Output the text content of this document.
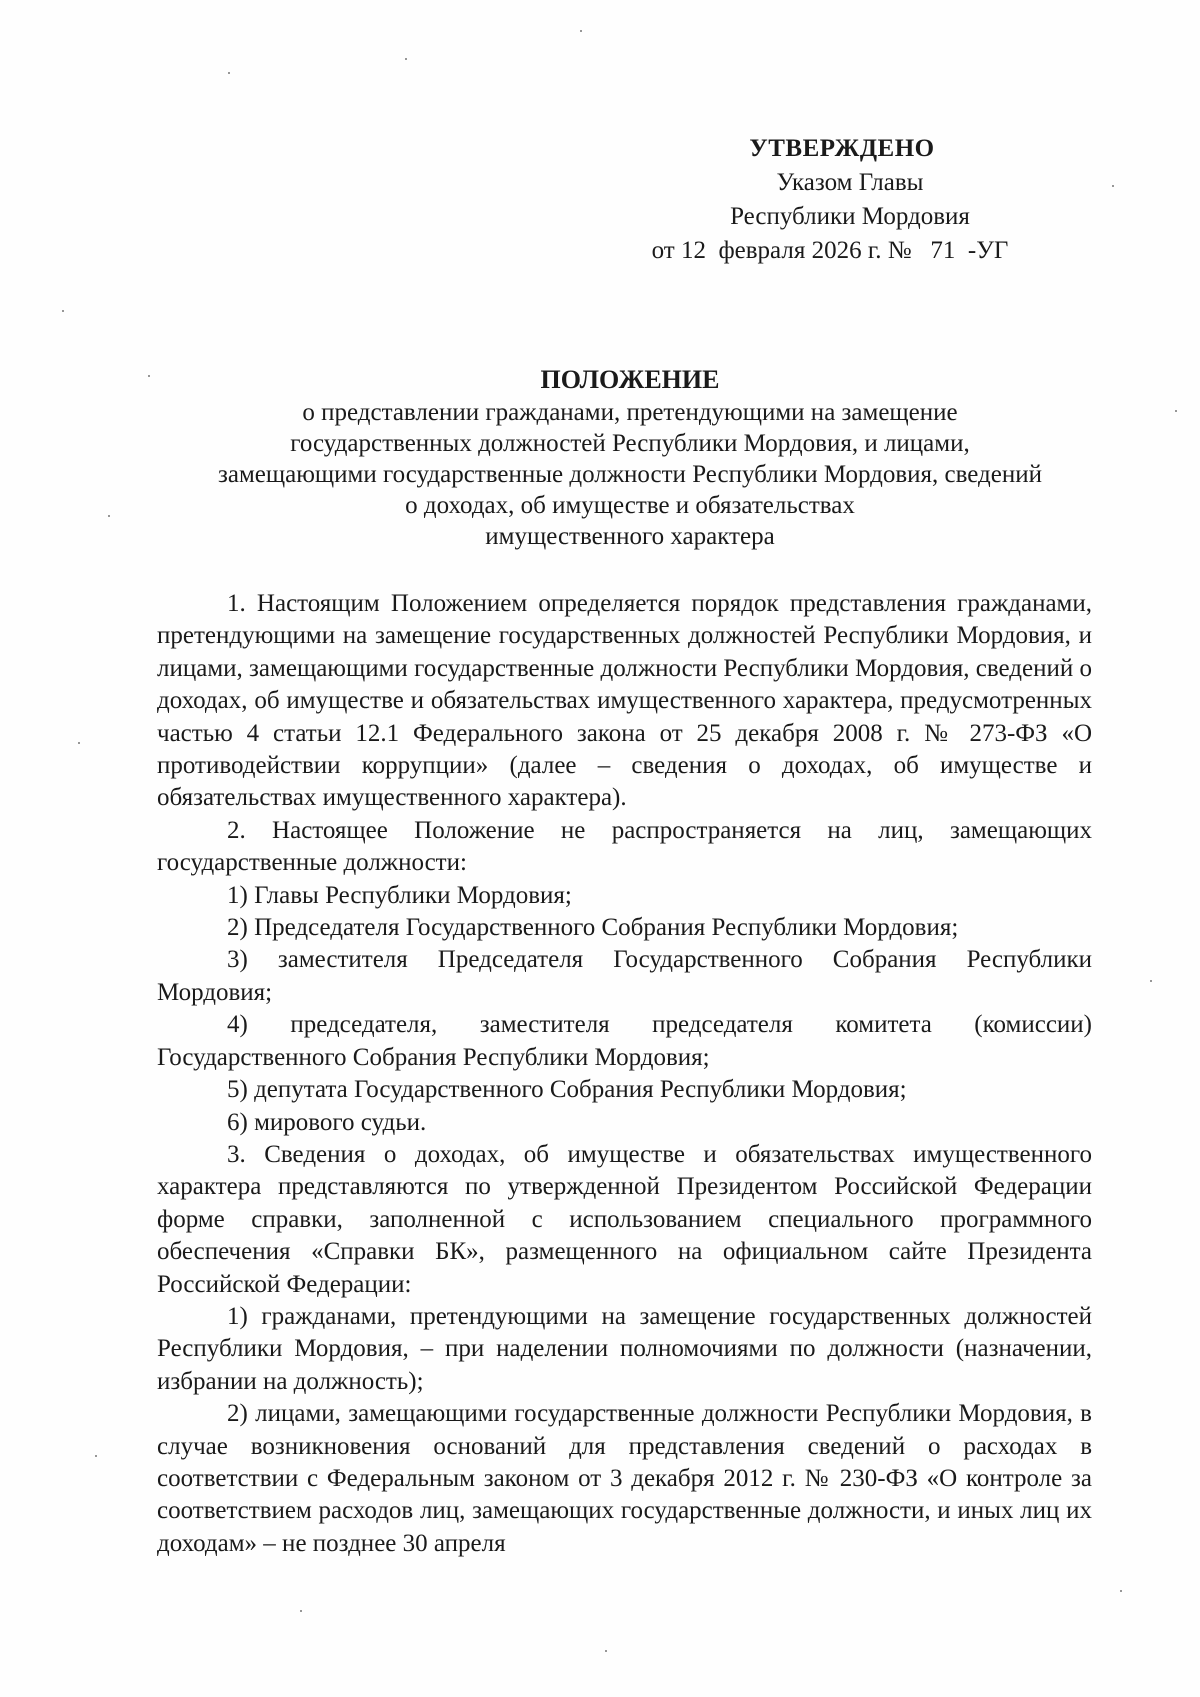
УТВЕРЖДЕНО
Указом Главы
Республики Мордовия
от 12  февраля 2026 г. №   71  -УГ
ПОЛОЖЕНИЕ
о представлении гражданами, претендующими на замещение
государственных должностей Республики Мордовия, и лицами,
замещающими государственные должности Республики Мордовия, сведений
о доходах, об имуществе и обязательствах
имущественного характера

1. Настоящим Положением определяется порядок представления гражданами, претендующими на замещение государственных должностей Республики Мордовия, и лицами, замещающими государственные должности Республики Мордовия, сведений о доходах, об имуществе и обязательствах имущественного характера, предусмотренных частью 4 статьи 12.1 Федерального закона от 25 декабря 2008 г. № 273-ФЗ «О противодействии коррупции» (далее – сведения о доходах, об имуществе и обязательствах имущественного характера).

2. Настоящее Положение не распространяется на лиц, замещающих государственные должности:

1) Главы Республики Мордовия;

2) Председателя Государственного Собрания Республики Мордовия;

3) заместителя Председателя Государственного Собрания Республики Мордовия;

4) председателя, заместителя председателя комитета (комиссии) Государственного Собрания Республики Мордовия;

5) депутата Государственного Собрания Республики Мордовия;

6) мирового судьи.

3. Сведения о доходах, об имуществе и обязательствах имущественного характера представляются по утвержденной Президентом Российской Федерации форме справки, заполненной с использованием специального программного обеспечения «Справки БК», размещенного на официальном сайте Президента Российской Федерации:

1) гражданами, претендующими на замещение государственных должностей Республики Мордовия, – при наделении полномочиями по должности (назначении, избрании на должность);

2) лицами, замещающими государственные должности Республики Мордовия, в случае возникновения оснований для представления сведений о расходах в соответствии с Федеральным законом от 3 декабря 2012 г. № 230-ФЗ «О контроле за соответствием расходов лиц, замещающих государственные должности, и иных лиц их доходам» – не позднее 30 апреля
